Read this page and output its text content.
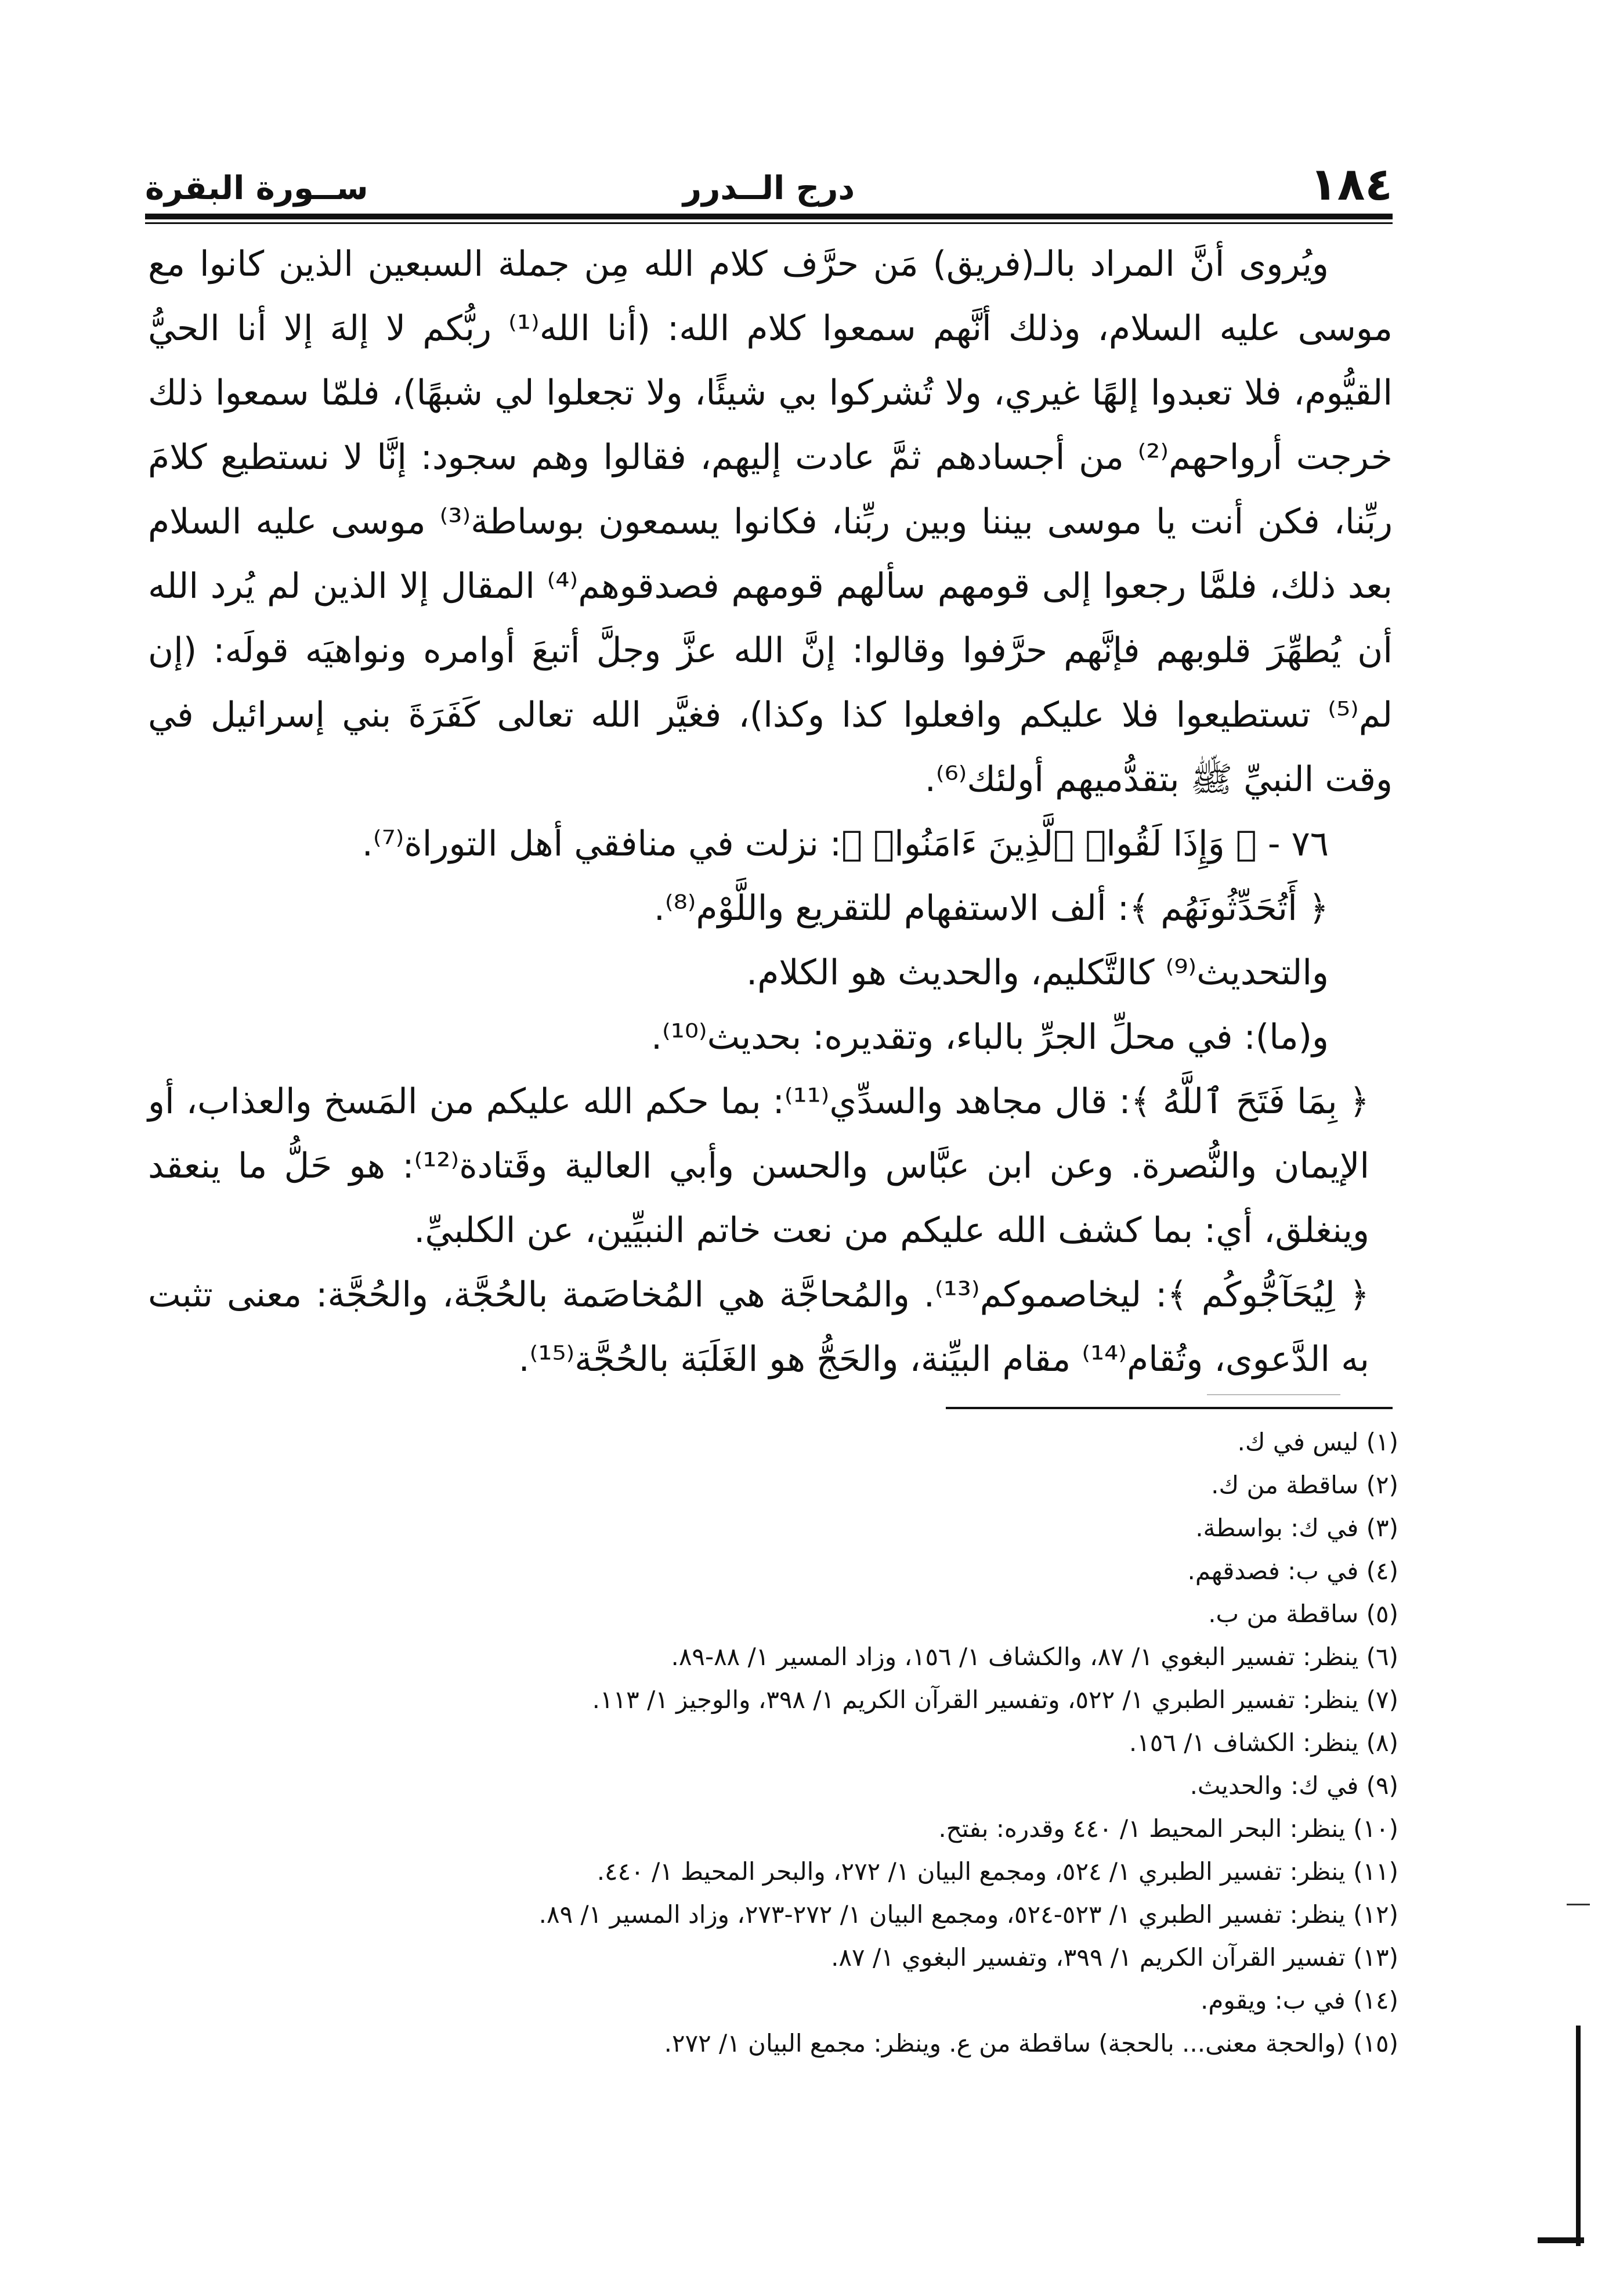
١٨٤
درج الــدرر
ســورة البقرة

ويُروى أنَّ المراد بالـ(فريق) مَن حرَّف كلام الله مِن جملة السبعين الذين كانوا مع موسى عليه السلام، وذلك أنَّهم سمعوا كلام الله: (أنا الله⁽¹⁾ ربُّكم لا إلهَ إلا أنا الحيُّ القيُّوم، فلا تعبدوا إلهًا غيري، ولا تُشركوا بي شيئًا، ولا تجعلوا لي شبهًا)، فلمّا سمعوا ذلك خرجت أرواحهم⁽²⁾ من أجسادهم ثمَّ عادت إليهم، فقالوا وهم سجود: إنَّا لا نستطيع كلامَ ربِّنا، فكن أنت يا موسى بيننا وبين ربِّنا، فكانوا يسمعون بوساطة⁽³⁾ موسى عليه السلام بعد ذلك، فلمَّا رجعوا إلى قومهم سألهم قومهم فصدقوهم⁽⁴⁾ المقال إلا الذين لم يُرد الله أن يُطهِّرَ قلوبهم فإنَّهم حرَّفوا وقالوا: إنَّ الله عزَّ وجلَّ أتبعَ أوامره ونواهيَه قولَه: (إن لم⁽⁵⁾ تستطيعوا فلا عليكم وافعلوا كذا وكذا)، فغيَّر الله تعالى كَفَرَةَ بني إسرائيل في وقت النبيِّ ﷺ بتقدُّميهم أولئك⁽⁶⁾.

٧٦ - ﴿ وَإِذَا لَقُوا۟ ٱلَّذِينَ ءَامَنُوا۟ ﴾: نزلت في منافقي أهل التوراة⁽⁷⁾.

﴿ أَتُحَدِّثُونَهُم ﴾: ألف الاستفهام للتقريع واللَّوْم⁽⁸⁾.

والتحديث⁽⁹⁾ كالتَّكليم، والحديث هو الكلام.

و(ما): في محلِّ الجرِّ بالباء، وتقديره: بحديث⁽¹⁰⁾.

﴿ بِمَا فَتَحَ ٱللَّهُ ﴾: قال مجاهد والسدِّي⁽¹¹⁾: بما حكم الله عليكم من المَسخ والعذاب، أو الإيمان والنُّصرة. وعن ابن عبَّاس والحسن وأبي العالية وقَتادة⁽¹²⁾: هو حَلُّ ما ينعقد وينغلق، أي: بما كشف الله عليكم من نعت خاتم النبيِّين، عن الكلبيِّ.

﴿ لِيُحَآجُّوكُم ﴾: ليخاصموكم⁽¹³⁾. والمُحاجَّة هي المُخاصَمة بالحُجَّة، والحُجَّة: معنى تثبت به الدَّعوى، وتُقام⁽¹⁴⁾ مقام البيِّنة، والحَجُّ هو الغَلَبَة بالحُجَّة⁽¹⁵⁾.

(١) ليس في ك.
(٢) ساقطة من ك.
(٣) في ك: بواسطة.
(٤) في ب: فصدقهم.
(٥) ساقطة من ب.
(٦) ينظر: تفسير البغوي ١/ ٨٧، والكشاف ١/ ١٥٦، وزاد المسير ١/ ٨٨-٨٩.
(٧) ينظر: تفسير الطبري ١/ ٥٢٢، وتفسير القرآن الكريم ١/ ٣٩٨، والوجيز ١/ ١١٣.
(٨) ينظر: الكشاف ١/ ١٥٦.
(٩) في ك: والحديث.
(١٠) ينظر: البحر المحيط ١/ ٤٤٠ وقدره: بفتح.
(١١) ينظر: تفسير الطبري ١/ ٥٢٤، ومجمع البيان ١/ ٢٧٢، والبحر المحيط ١/ ٤٤٠.
(١٢) ينظر: تفسير الطبري ١/ ٥٢٣-٥٢٤، ومجمع البيان ١/ ٢٧٢-٢٧٣، وزاد المسير ١/ ٨٩.
(١٣) تفسير القرآن الكريم ١/ ٣٩٩، وتفسير البغوي ١/ ٨٧.
(١٤) في ب: ويقوم.
(١٥) (والحجة معنى... بالحجة) ساقطة من ع. وينظر: مجمع البيان ١/ ٢٧٢.
